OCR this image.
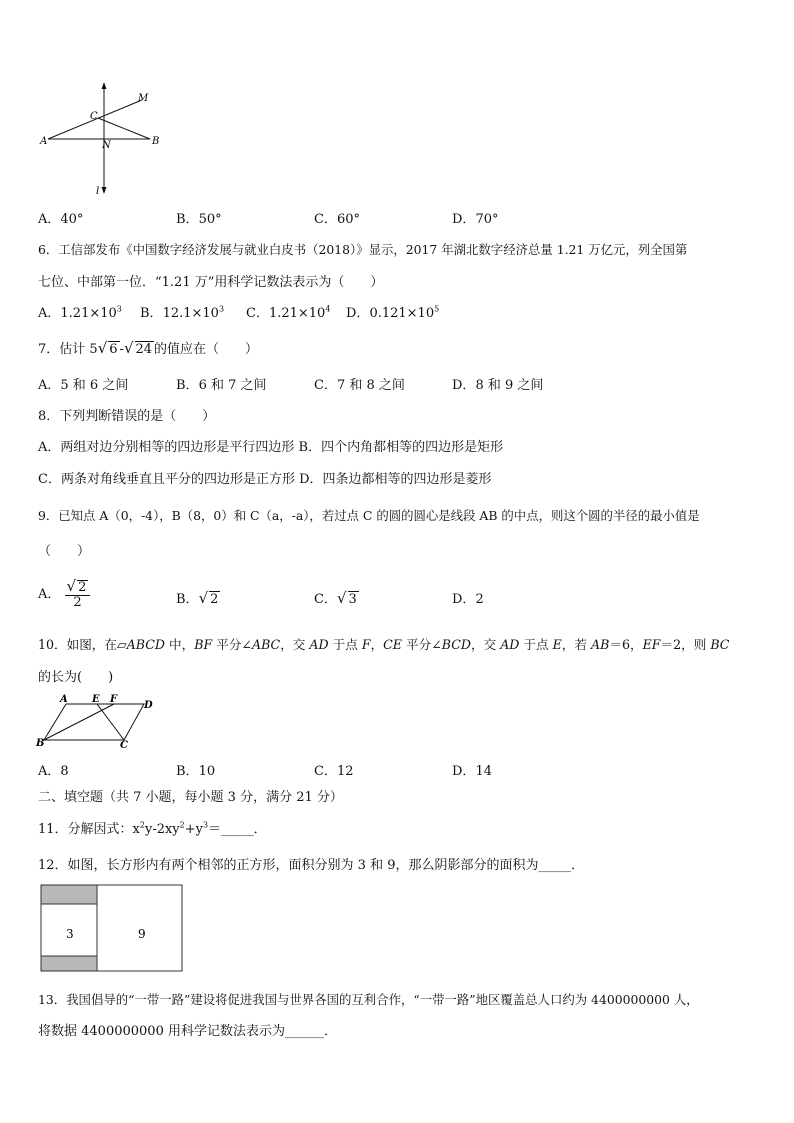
M
C
A	N	B
l
A．40°	B．50°	C．60°	D．70°
6．工信部发布《中国数字经济发展与就业白皮书（2018）》显示，2017 年湖北数字经济总量 1.21 万亿元，列全国第
七位、中部第一位．“1.21 万”用科学记数法表示为（　　）
A．$1.21\times 10^3$ B．$12.1\times 10^3$ C．$1.21\times 10^4$ D．$0.121\times 10^5$
7．估计 5√ 6 -√ 24 的值应在（　　）
A．5 和 6 之间	B．6 和 7 之间	C．7 和 8 之间	D．8 和 9 之间
8．下列判断错误的是（　　）
A．两组对边分别相等的四边形是平行四边形 B．四个内角都相等的四边形是矩形
C．两条对角线垂直且平分的四边形是正方形 D．四条边都相等的四边形是菱形
9．已知点 A（0，-4），B（8，0）和 C（a，-a），若过点 C 的圆的圆心是线段 AB 的中点，则这个圆的半径的最小值是
（　　）
A． $\frac{√ 2}{2}$	B．√ 2	C．√ 3	D．2
10．如图，在▱ABCD 中，BF 平分∠ABC，交 AD 于点 F，CE 平分∠BCD，交 AD 于点 E，若 AB＝6，EF＝2，则 BC
的长为(　　)
A E F
D
B	C
A．8	B．10	C．12	D．14
二、填空题（共 7 小题，每小题 3 分，满分 21 分）
11．分解因式：$x^2y-2xy^2+y^3=\_\_\_\_\_$．
12．如图，长方形内有两个相邻的正方形，面积分别为 3 和 9，那么阴影部分的面积为_____．
3	9
13．我国倡导的“一带一路”建设将促进我国与世界各国的互利合作，“一带一路”地区覆盖总人口约为 4400000000 人，
将数据 4400000000 用科学记数法表示为______．
